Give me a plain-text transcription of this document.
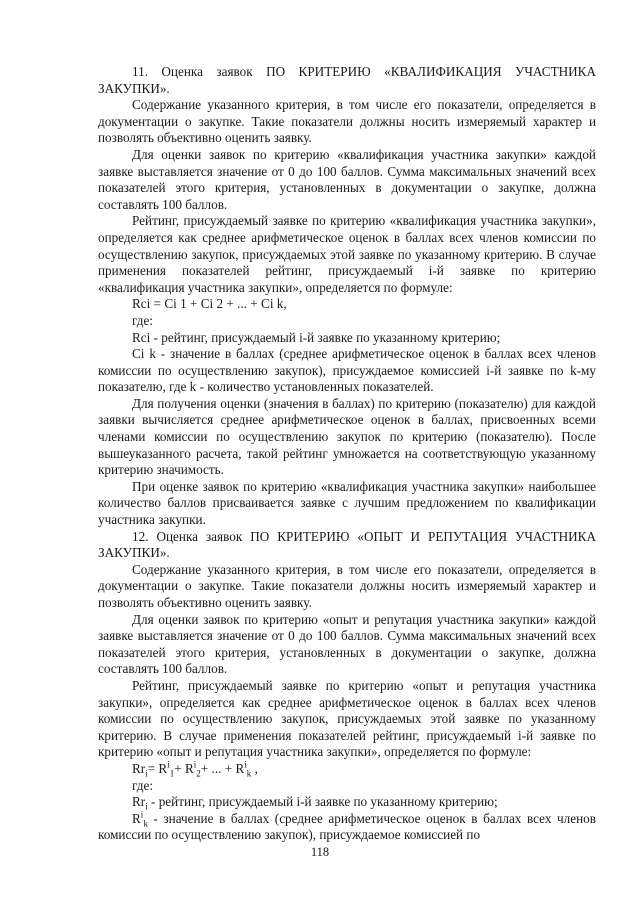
11. Оценка заявок ПО КРИТЕРИЮ «КВАЛИФИКАЦИЯ УЧАСТНИКА ЗАКУПКИ».

Содержание указанного критерия, в том числе его показатели, определяется в документации о закупке. Такие показатели должны носить измеряемый характер и позволять объективно оценить заявку.

Для оценки заявок по критерию «квалификация участника закупки» каждой заявке выставляется значение от 0 до 100 баллов. Сумма максимальных значений всех показателей этого критерия, установленных в документации о закупке, должна составлять 100 баллов.

Рейтинг, присуждаемый заявке по критерию «квалификация участника закупки», определяется как среднее арифметическое оценок в баллах всех членов комиссии по осуществлению закупок, присуждаемых этой заявке по указанному критерию. В случае применения показателей рейтинг, присуждаемый i-й заявке по критерию «квалификация участника закупки», определяется по формуле:

Rci = Ci 1 + Ci 2 + ... + Ci k,

где:

Rci - рейтинг, присуждаемый i-й заявке по указанному критерию;

Ci k - значение в баллах (среднее арифметическое оценок в баллах всех членов комиссии по осуществлению закупок), присуждаемое комиссией i-й заявке по k-му показателю, где k - количество установленных показателей.

Для получения оценки (значения в баллах) по критерию (показателю) для каждой заявки вычисляется среднее арифметическое оценок в баллах, присвоенных всеми членами комиссии по осуществлению закупок по критерию (показателю). После вышеуказанного расчета, такой рейтинг умножается на соответствующую указанному критерию значимость.

При оценке заявок по критерию «квалификация участника закупки» наибольшее количество баллов присваивается заявке с лучшим предложением по квалификации участника закупки.

12. Оценка заявок ПО КРИТЕРИЮ «ОПЫТ И РЕПУТАЦИЯ УЧАСТНИКА ЗАКУПКИ».

Содержание указанного критерия, в том числе его показатели, определяется в документации о закупке. Такие показатели должны носить измеряемый характер и позволять объективно оценить заявку.

Для оценки заявок по критерию «опыт и репутация участника закупки» каждой заявке выставляется значение от 0 до 100 баллов. Сумма максимальных значений всех показателей этого критерия, установленных в документации о закупке, должна составлять 100 баллов.

Рейтинг, присуждаемый заявке по критерию «опыт и репутация участника закупки», определяется как среднее арифметическое оценок в баллах всех членов комиссии по осуществлению закупок, присуждаемых этой заявке по указанному критерию. В случае применения показателей рейтинг, присуждаемый i-й заявке по критерию «опыт и репутация участника закупки», определяется по формуле:

$Rr_i= R^i_1+ R^i_2+$ ... + $R^i_k$ ,

где:

$Rr_i$ - рейтинг, присуждаемый i-й заявке по указанному критерию;

$R^i_k$ - значение в баллах (среднее арифметическое оценок в баллах всех членов комиссии по осуществлению закупок), присуждаемое комиссией по

118
